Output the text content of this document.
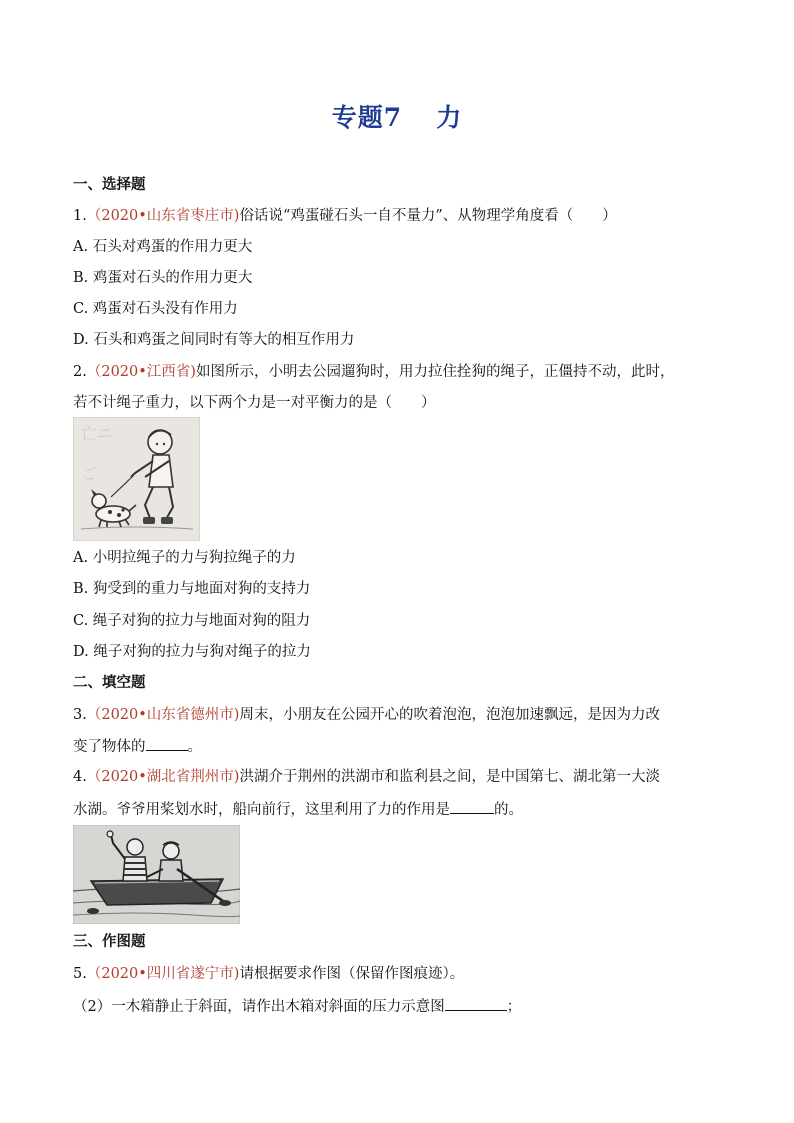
专题7 力
一、选择题
1.（2020•山东省枣庄市)俗话说“鸡蛋碰石头一自不量力”、从物理学角度看（　　）
A. 石头对鸡蛋的作用力更大
B. 鸡蛋对石头的作用力更大
C. 鸡蛋对石头没有作用力
D. 石头和鸡蛋之间同时有等大的相互作用力
2.（2020•江西省)如图所示，小明去公园遛狗时，用力拉住拴狗的绳子，正僵持不动，此时，
若不计绳子重力，以下两个力是一对平衡力的是（　　）
亡ニ
ご
A. 小明拉绳子的力与狗拉绳子的力
B. 狗受到的重力与地面对狗的支持力
C. 绳子对狗的拉力与地面对狗的阻力
D. 绳子对狗的拉力与狗对绳子的拉力
二、填空题
3.（2020•山东省德州市)周末，小朋友在公园开心的吹着泡泡，泡泡加速飘远，是因为力改
变了物体的	。
4.（2020•湖北省荆州市)洪湖介于荆州的洪湖市和监利县之间，是中国第七、湖北第一大淡
水湖。爷爷用桨划水时，船向前行，这里利用了力的作用是	的。
三、作图题
5.（2020•四川省遂宁市)请根据要求作图（保留作图痕迹）。
（2）一木箱静止于斜面，请作出木箱对斜面的压力示意图	；
